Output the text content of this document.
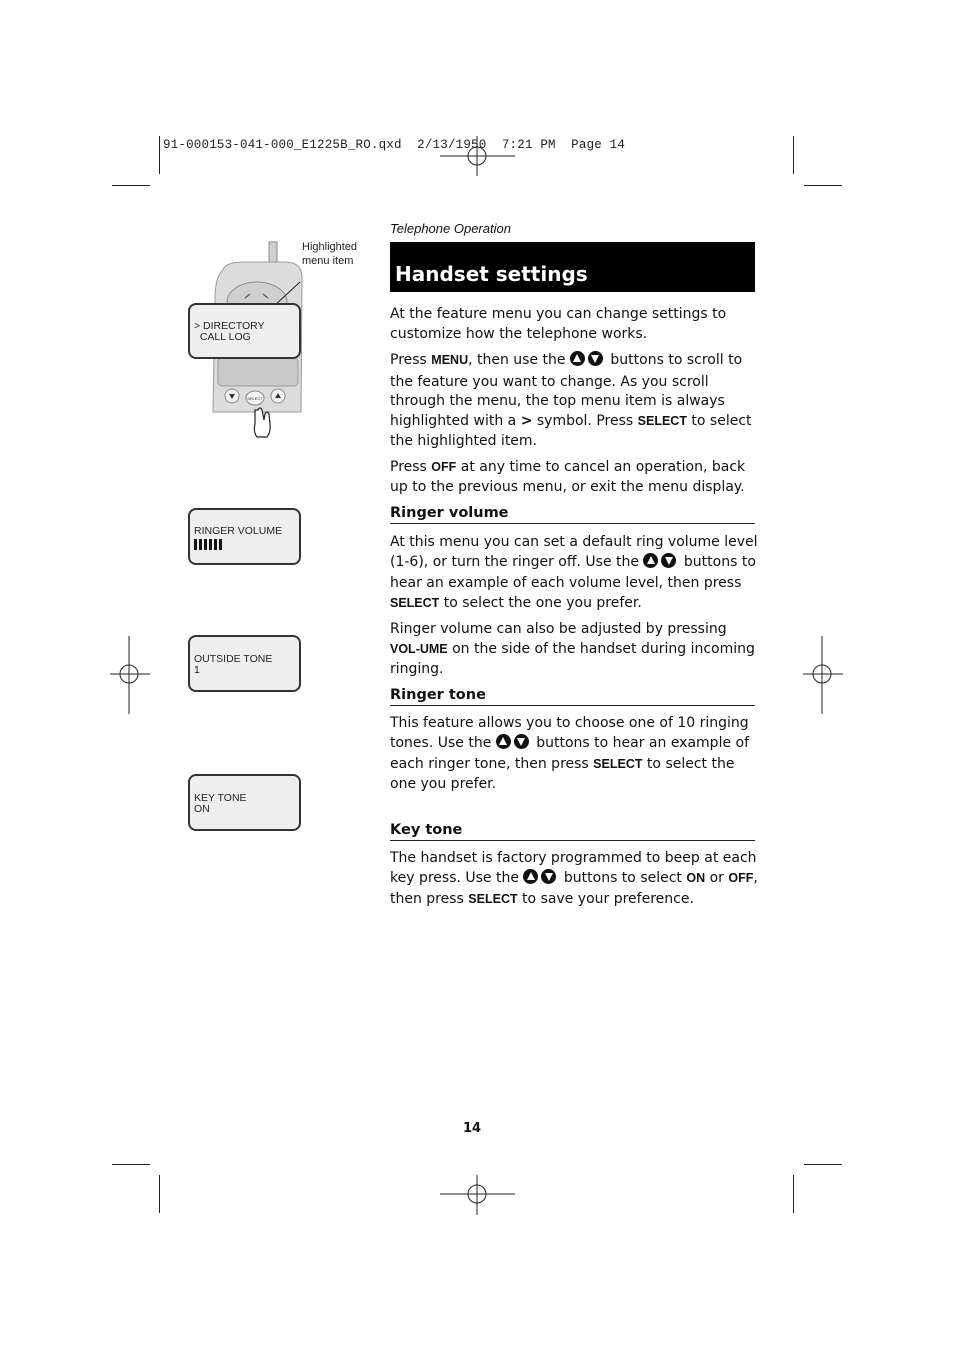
91-000153-041-000_E1225B_RO.qxd  2/13/1950  7:21 PM  Page 14
Telephone Operation
Handset settings
SELECT
Highlighted
menu item
> DIRECTORY
CALL LOG
RINGER VOLUME
OUTSIDE TONE
1
KEY TONE
ON

At the feature menu you can change settings to customize how the telephone works.

Press MENU, then use the	buttons to scroll to the feature you want to change. As you scroll through the menu, the top menu item is always highlighted with a > symbol. Press SELECT to select the highlighted item.

Press OFF at any time to cancel an operation, back up to the previous menu, or exit the menu display.

Ringer volume

At this menu you can set a default ring volume level (1-6), or turn the ringer off. Use the	buttons to hear an example of each volume level, then press SELECT to select the one you prefer.

Ringer volume can also be adjusted by pressing VOL-UME on the side of the handset during incoming ringing.

Ringer tone

This feature allows you to choose one of 10 ringing tones. Use the	buttons to hear an example of each ringer tone, then press SELECT to select the one you prefer.

Key tone

The handset is factory programmed to beep at each key press. Use the	buttons to select ON or OFF, then press SELECT to save your preference.

14
